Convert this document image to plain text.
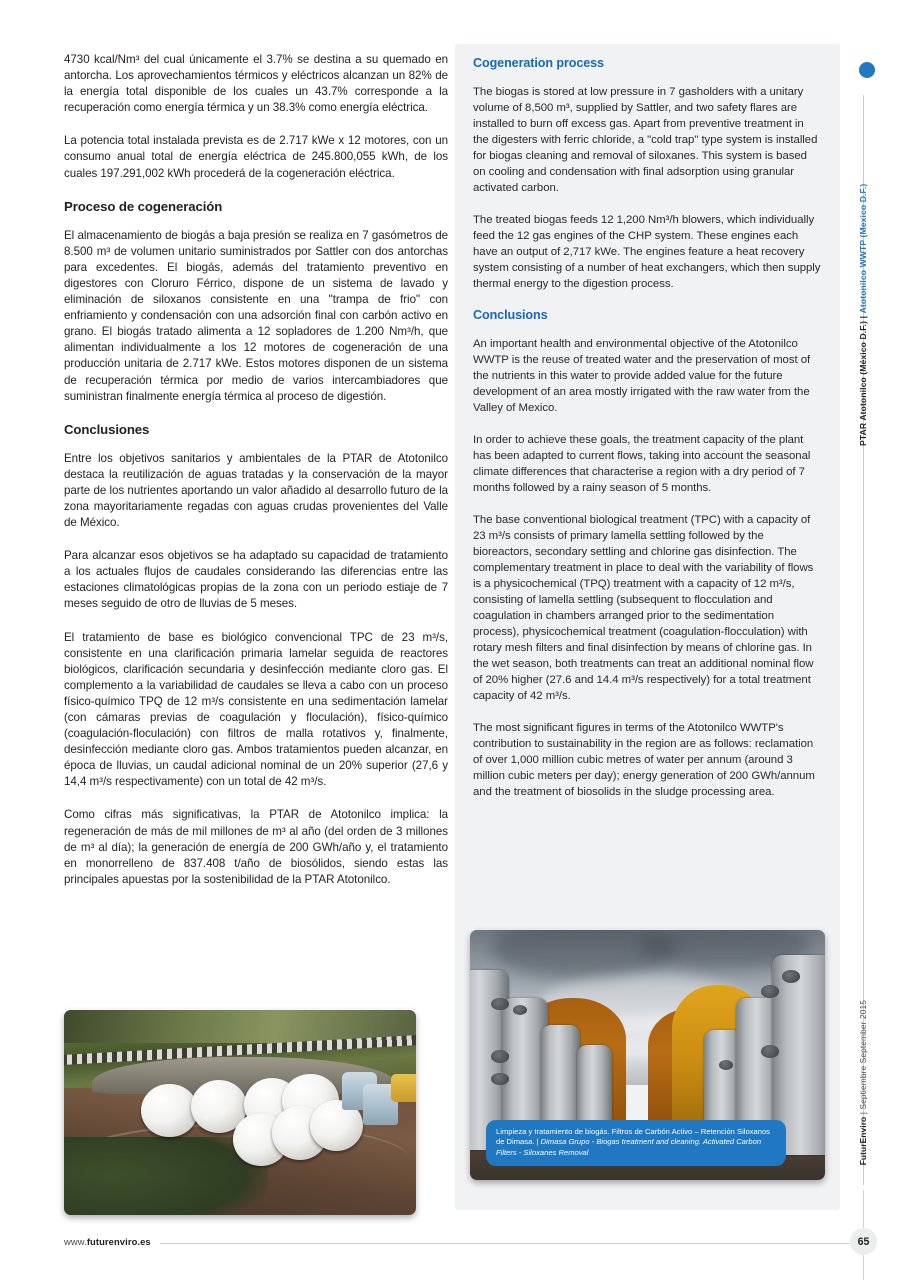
4730 kcal/Nm³ del cual únicamente el 3.7% se destina a su quemado en antorcha. Los aprovechamientos térmicos y eléctricos alcanzan un 82% de la energía total disponible de los cuales un 43.7% corresponde a la recuperación como energía térmica y un 38.3% como energía eléctrica.

La potencia total instalada prevista es de 2.717 kWe x 12 motores, con un consumo anual total de energía eléctrica de 245.800,055 kWh, de los cuales 197.291,002 kWh procederá de la cogeneración eléctrica.

Proceso de cogeneración

El almacenamiento de biogás a baja presión se realiza en 7 gasómetros de 8.500 m³ de volumen unitario suministrados por Sattler con dos antorchas para excedentes. El biogás, además del tratamiento preventivo en digestores con Cloruro Férrico, dispone de un sistema de lavado y eliminación de siloxanos consistente en una "trampa de frio" con enfriamiento y condensación con una adsorción final con carbón activo en grano. El biogás tratado alimenta a 12 sopladores de 1.200 Nm³/h, que alimentan individualmente a los 12 motores de cogeneración de una producción unitaria de 2.717 kWe. Estos motores disponen de un sistema de recuperación térmica por medio de varios intercambiadores que suministran finalmente energía térmica al proceso de digestión.

Conclusiones

Entre los objetivos sanitarios y ambientales de la PTAR de Atotonilco destaca la reutilización de aguas tratadas y la conservación de la mayor parte de los nutrientes aportando un valor añadido al desarrollo futuro de la zona mayoritariamente regadas con aguas crudas provenientes del Valle de México.

Para alcanzar esos objetivos se ha adaptado su capacidad de tratamiento a los actuales flujos de caudales considerando las diferencias entre las estaciones climatológicas propias de la zona con un periodo estiaje de 7 meses seguido de otro de lluvias de 5 meses.

El tratamiento de base es biológico convencional TPC de 23 m³/s, consistente en una clarificación primaria lamelar seguida de reactores biológicos, clarificación secundaria y desinfección mediante cloro gas. El complemento a la variabilidad de caudales se lleva a cabo con un proceso físico-químico TPQ de 12 m³/s consistente en una sedimentación lamelar (con cámaras previas de coagulación y floculación), físico-químico (coagulación-floculación) con filtros de malla rotativos y, finalmente, desinfección mediante cloro gas. Ambos tratamientos pueden alcanzar, en época de lluvias, un caudal adicional nominal de un 20% superior (27,6 y 14,4 m³/s respectivamente) con un total de 42 m³/s.

Como cifras más significativas, la PTAR de Atotonilco implica: la regeneración de más de mil millones de m³ al año (del orden de 3 millones de m³ al día); la generación de energía de 200 GWh/año y, el tratamiento en monorrelleno de 837.408 t/año de biosólidos, siendo estas las principales apuestas por la sostenibilidad de la PTAR Atotonilco.

Cogeneration process

The biogas is stored at low pressure in 7 gasholders with a unitary volume of 8,500 m³, supplied by Sattler, and two safety flares are installed to burn off excess gas. Apart from preventive treatment in the digesters with ferric chloride, a "cold trap" type system is installed for biogas cleaning and removal of siloxanes. This system is based on cooling and condensation with final adsorption using granular activated carbon.

The treated biogas feeds 12 1,200 Nm³/h blowers, which individually feed the 12 gas engines of the CHP system. These engines each have an output of 2,717 kWe. The engines feature a heat recovery system consisting of a number of heat exchangers, which then supply thermal energy to the digestion process.

Conclusions

An important health and environmental objective of the Atotonilco WWTP is the reuse of treated water and the preservation of most of the nutrients in this water to provide added value for the future development of an area mostly irrigated with the raw water from the Valley of Mexico.

In order to achieve these goals, the treatment capacity of the plant has been adapted to current flows, taking into account the seasonal climate differences that characterise a region with a dry period of 7 months followed by a rainy season of 5 months.

The base conventional biological treatment (TPC) with a capacity of 23 m³/s consists of primary lamella settling followed by the bioreactors, secondary settling and chlorine gas disinfection. The complementary treatment in place to deal with the variability of flows is a physicochemical (TPQ) treatment with a capacity of 12 m³/s, consisting of lamella settling (subsequent to flocculation and coagulation in chambers arranged prior to the sedimentation process), physicochemical treatment (coagulation-flocculation) with rotary mesh filters and final disinfection by means of chlorine gas. In the wet season, both treatments can treat an additional nominal flow of 20% higher (27.6 and 14.4 m³/s respectively) for a total treatment capacity of 42 m³/s.

The most significant figures in terms of the Atotonilco WWTP's contribution to sustainability in the region are as follows: reclamation of over 1,000 million cubic metres of water per annum (around 3 million cubic meters per day); energy generation of 200 GWh/annum and the treatment of biosolids in the sludge processing area.

Limpieza y tratamiento de biogás. Filtros de Carbón Activo – Retención Siloxanos de Dimasa. | Dimasa Grupo - Biogas treatment and cleaning. Activated Carbon Filters - Siloxanes Removal
PTAR Atotonilco (México D.F.) | Atotonilco WWTP (Mexico D.F.)
FuturEnviro | Septiembre September 2015
www.futurenviro.es	65
